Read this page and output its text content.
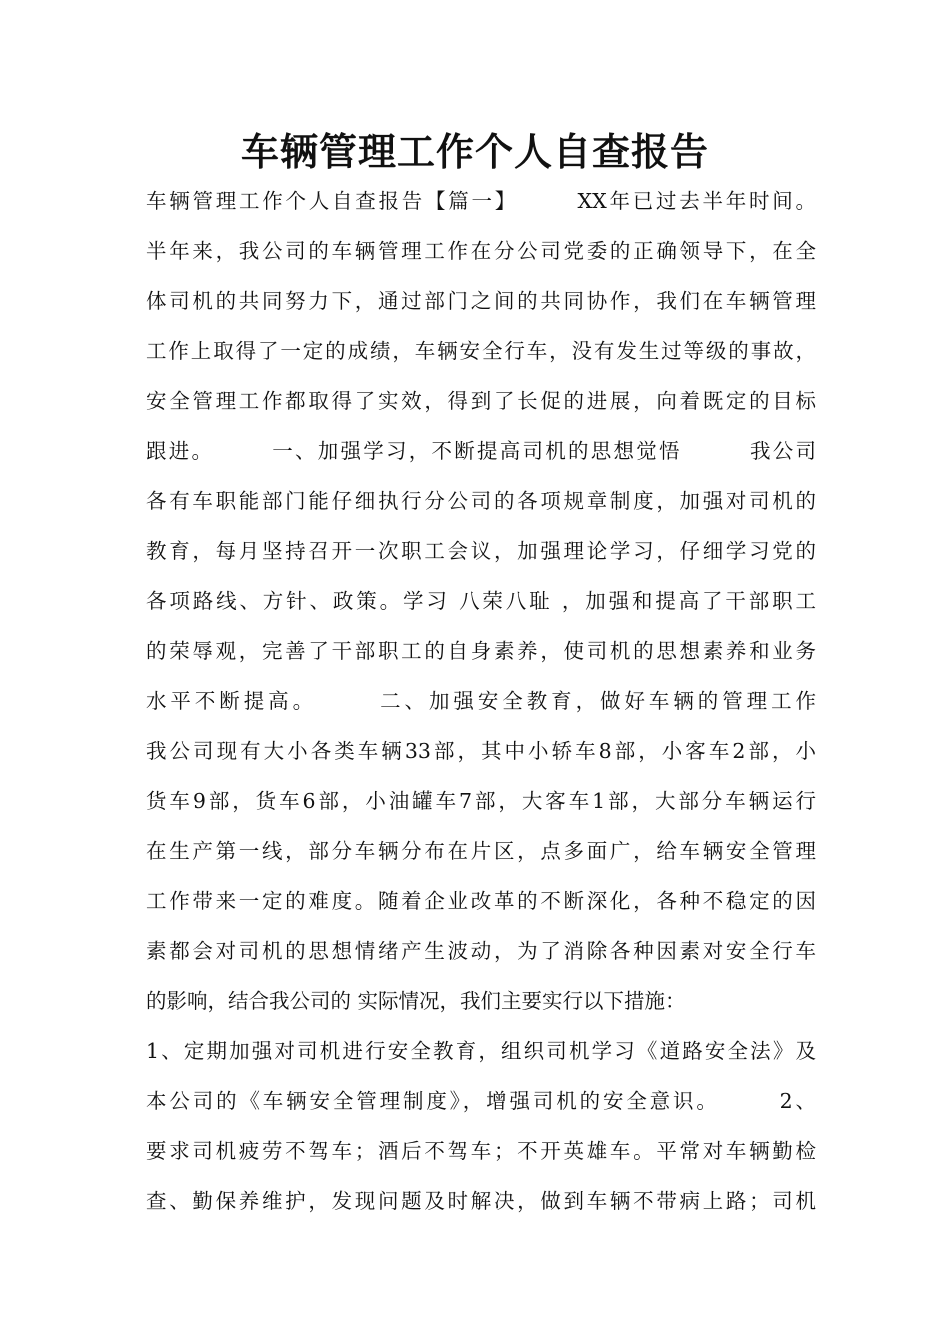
车辆管理工作个人自查报告
车辆管理工作个人自查报告【篇一】　　　XX年已过去半年时间。
半年来，我公司的车辆管理工作在分公司党委的正确领导下，在全
体司机的共同努力下，通过部门之间的共同协作，我们在车辆管理
工作上取得了一定的成绩，车辆安全行车，没有发生过等级的事故，
安全管理工作都取得了实效，得到了长促的进展，向着既定的目标
跟进。　　　一、加强学习，不断提高司机的思想觉悟　　　我公司
各有车职能部门能仔细执行分公司的各项规章制度，加强对司机的
教育，每月坚持召开一次职工会议，加强理论学习，仔细学习党的
各项路线、方针、政策。学习 八荣八耻 ，加强和提高了干部职工
的荣辱观，完善了干部职工的自身素养，使司机的思想素养和业务
水平不断提高。　　　二、加强安全教育，做好车辆的管理工作
我公司现有大小各类车辆33部，其中小轿车8部，小客车2部，小
货车9部，货车6部，小油罐车7部，大客车1部，大部分车辆运行
在生产第一线，部分车辆分布在片区，点多面广，给车辆安全管理
工作带来一定的难度。随着企业改革的不断深化，各种不稳定的因
素都会对司机的思想情绪产生波动，为了消除各种因素对安全行车
的影响，结合我公司的 实际情况，我们主要实行以下措施：
1、定期加强对司机进行安全教育，组织司机学习《道路安全法》及
本公司的《车辆安全管理制度》，增强司机的安全意识。　　　2、
要求司机疲劳不驾车；酒后不驾车；不开英雄车。平常对车辆勤检
查、勤保养维护，发现问题及时解决，做到车辆不带病上路；司机
